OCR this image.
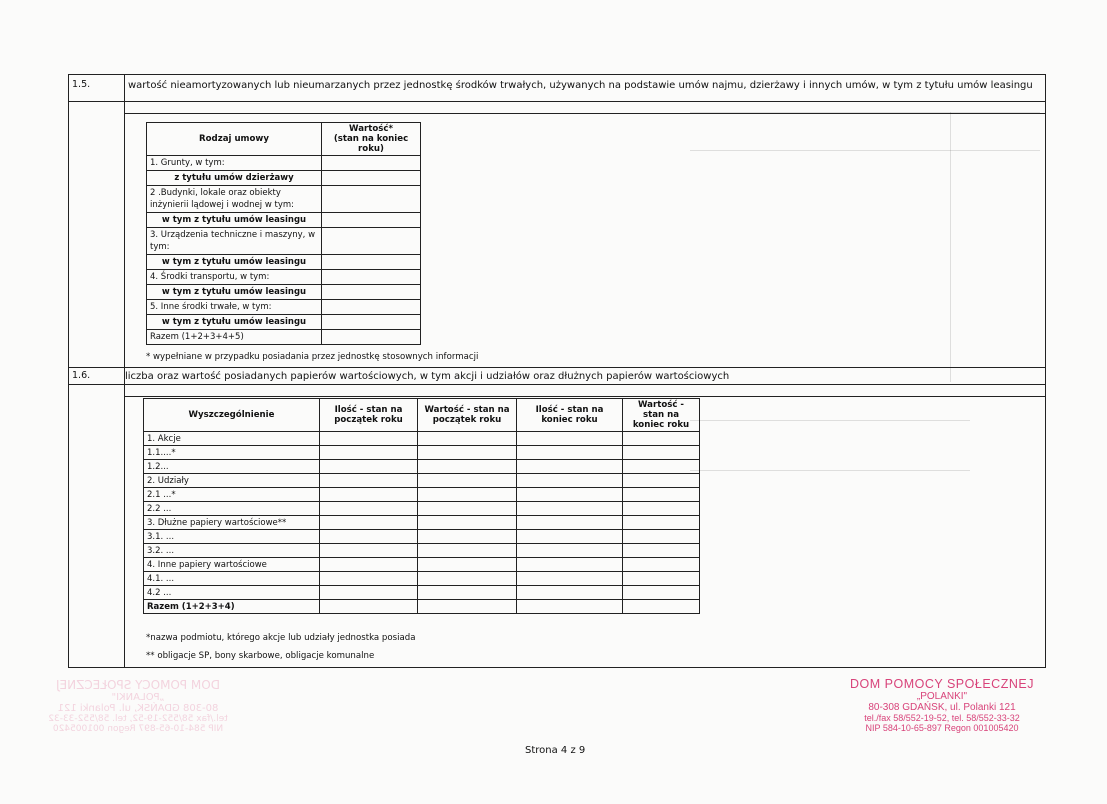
1.5.	wartość nieamortyzowanych lub nieumarzanych przez jednostkę środków trwałych, używanych na podstawie umów najmu, dzierżawy i innych umów, w tym z tytułu umów leasingu
Rodzaj umowy	Wartość*
(stan na koniec roku)
1. Grunty, w tym:	
z tytułu umów dzierżawy	
2 .Budynki, lokale oraz obiekty inżynierii lądowej i wodnej w tym:	
w tym z tytułu umów leasingu	
3. Urządzenia techniczne i maszyny, w tym:	
w tym z tytułu umów leasingu	
4. Środki transportu, w tym:	
w tym z tytułu umów leasingu	
5. Inne środki trwałe, w tym:	
w tym z tytułu umów leasingu	
Razem (1+2+3+4+5)	
* wypełniane w przypadku posiadania przez jednostkę stosownych informacji
1.6.	liczba oraz wartość posiadanych papierów wartościowych, w tym akcji i udziałów oraz dłużnych papierów wartościowych
Wyszczególnienie	Ilość - stan na początek roku	Wartość - stan na początek roku	Ilość - stan na koniec roku	Wartość - stan na koniec roku
1. Akcje				
1.1....*				
1.2...				
2. Udziały				
2.1 ...*				
2.2 ...				
3. Dłużne papiery wartościowe**				
3.1. ...				
3.2. ...				
4. Inne papiery wartościowe				
4.1. ...				
4.2 ...				
Razem (1+2+3+4)				
*nazwa podmiotu, którego akcje lub udziały jednostka posiada
** obligacje SP, bony skarbowe, obligacje komunalne
Strona 4 z 9
DOM POMOCY SPOŁECZNEJ
„POLANKI"
80-308 GDAŃSK, ul. Polanki 121
tel./fax 58/552-19-52, tel. 58/552-33-32
NIP 584-10-65-897 Regon 001005420
DOM POMOCY SPOŁECZNEJ
„POLANKI"
80-308 GDAŃSK, ul. Polanki 121
tel./fax 58/552-19-52, tel. 58/552-33-32
NIP 584-10-65-897 Regon 001005420
